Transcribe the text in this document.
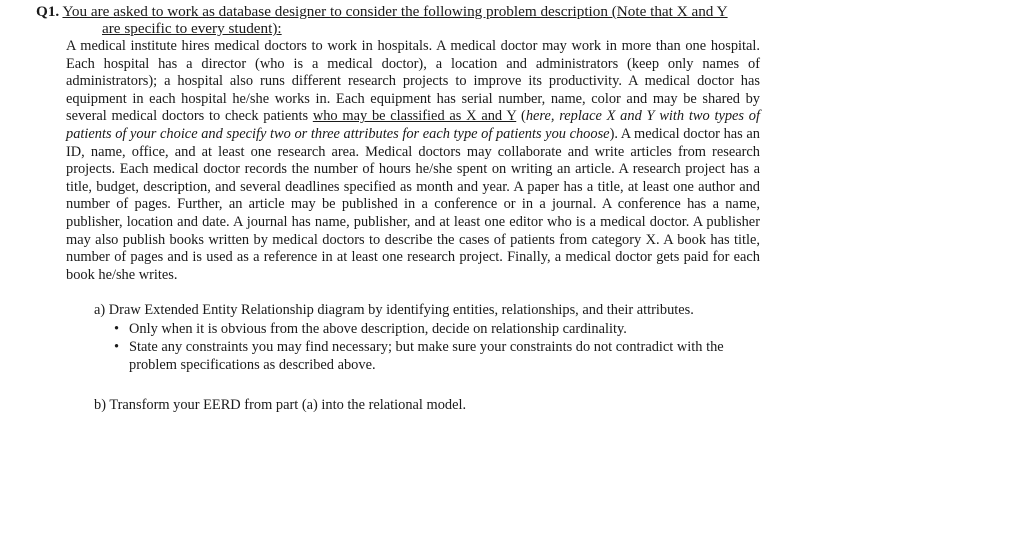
Q1. You are asked to work as database designer to consider the following problem description (Note that X and Y
are specific to every student):
A medical institute hires medical doctors to work in hospitals. A medical doctor may work in more than one hospital. Each hospital has a director (who is a medical doctor), a location and administrators (keep only names of administrators); a hospital also runs different research projects to improve its productivity. A medical doctor has equipment in each hospital he/she works in. Each equipment has serial number, name, color and may be shared by several medical doctors to check patients who may be classified as X and Y (here, replace X and Y with two types of patients of your choice and specify two or three attributes for each type of patients you choose). A medical doctor has an ID, name, office, and at least one research area. Medical doctors may collaborate and write articles from research projects. Each medical doctor records the number of hours he/she spent on writing an article. A research project has a title, budget, description, and several deadlines specified as month and year. A paper has a title, at least one author and number of pages. Further, an article may be published in a conference or in a journal. A conference has a name, publisher, location and date. A journal has name, publisher, and at least one editor who is a medical doctor. A publisher may also publish books written by medical doctors to describe the cases of patients from category X. A book has title, number of pages and is used as a reference in at least one research project. Finally, a medical doctor gets paid for each book he/she writes.
a) Draw Extended Entity Relationship diagram by identifying entities, relationships, and their attributes.
• Only when it is obvious from the above description, decide on relationship cardinality.
• State any constraints you may find necessary; but make sure your constraints do not contradict with the problem specifications as described above.
b) Transform your EERD from part (a) into the relational model.
